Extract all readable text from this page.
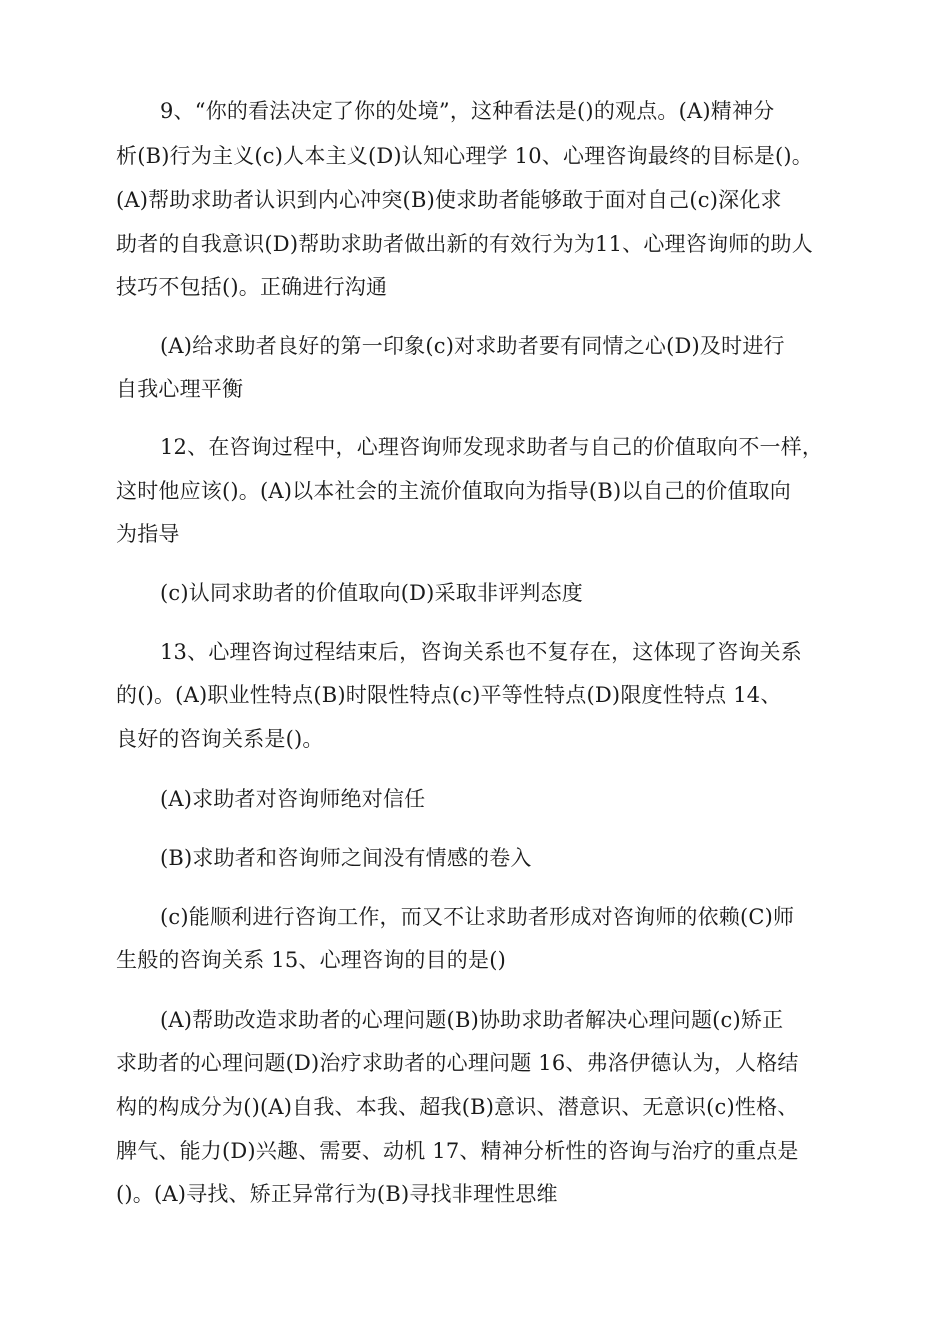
9、“你的看法决定了你的处境”，这种看法是()的观点。(A)精神分
析(B)行为主义(c)人本主义(D)认知心理学 10、心理咨询最终的目标是()。
(A)帮助求助者认识到内心冲突(B)使求助者能够敢于面对自己(c)深化求
助者的自我意识(D)帮助求助者做出新的有效行为为11、心理咨询师的助人
技巧不包括()。正确进行沟通
(A)给求助者良好的第一印象(c)对求助者要有同情之心(D)及时进行
自我心理平衡
12、在咨询过程中，心理咨询师发现求助者与自己的价值取向不一样，
这时他应该()。(A)以本社会的主流价值取向为指导(B)以自己的价值取向
为指导
(c)认同求助者的价值取向(D)采取非评判态度
13、心理咨询过程结束后，咨询关系也不复存在，这体现了咨询关系
的()。(A)职业性特点(B)时限性特点(c)平等性特点(D)限度性特点 14、
良好的咨询关系是()。
(A)求助者对咨询师绝对信任
(B)求助者和咨询师之间没有情感的卷入
(c)能顺利进行咨询工作，而又不让求助者形成对咨询师的依赖(C)师
生般的咨询关系 15、心理咨询的目的是()
(A)帮助改造求助者的心理问题(B)协助求助者解决心理问题(c)矫正
求助者的心理问题(D)治疗求助者的心理问题 16、弗洛伊德认为，人格结
构的构成分为()(A)自我、本我、超我(B)意识、潜意识、无意识(c)性格、
脾气、能力(D)兴趣、需要、动机 17、精神分析性的咨询与治疗的重点是
()。(A)寻找、矫正异常行为(B)寻找非理性思维
